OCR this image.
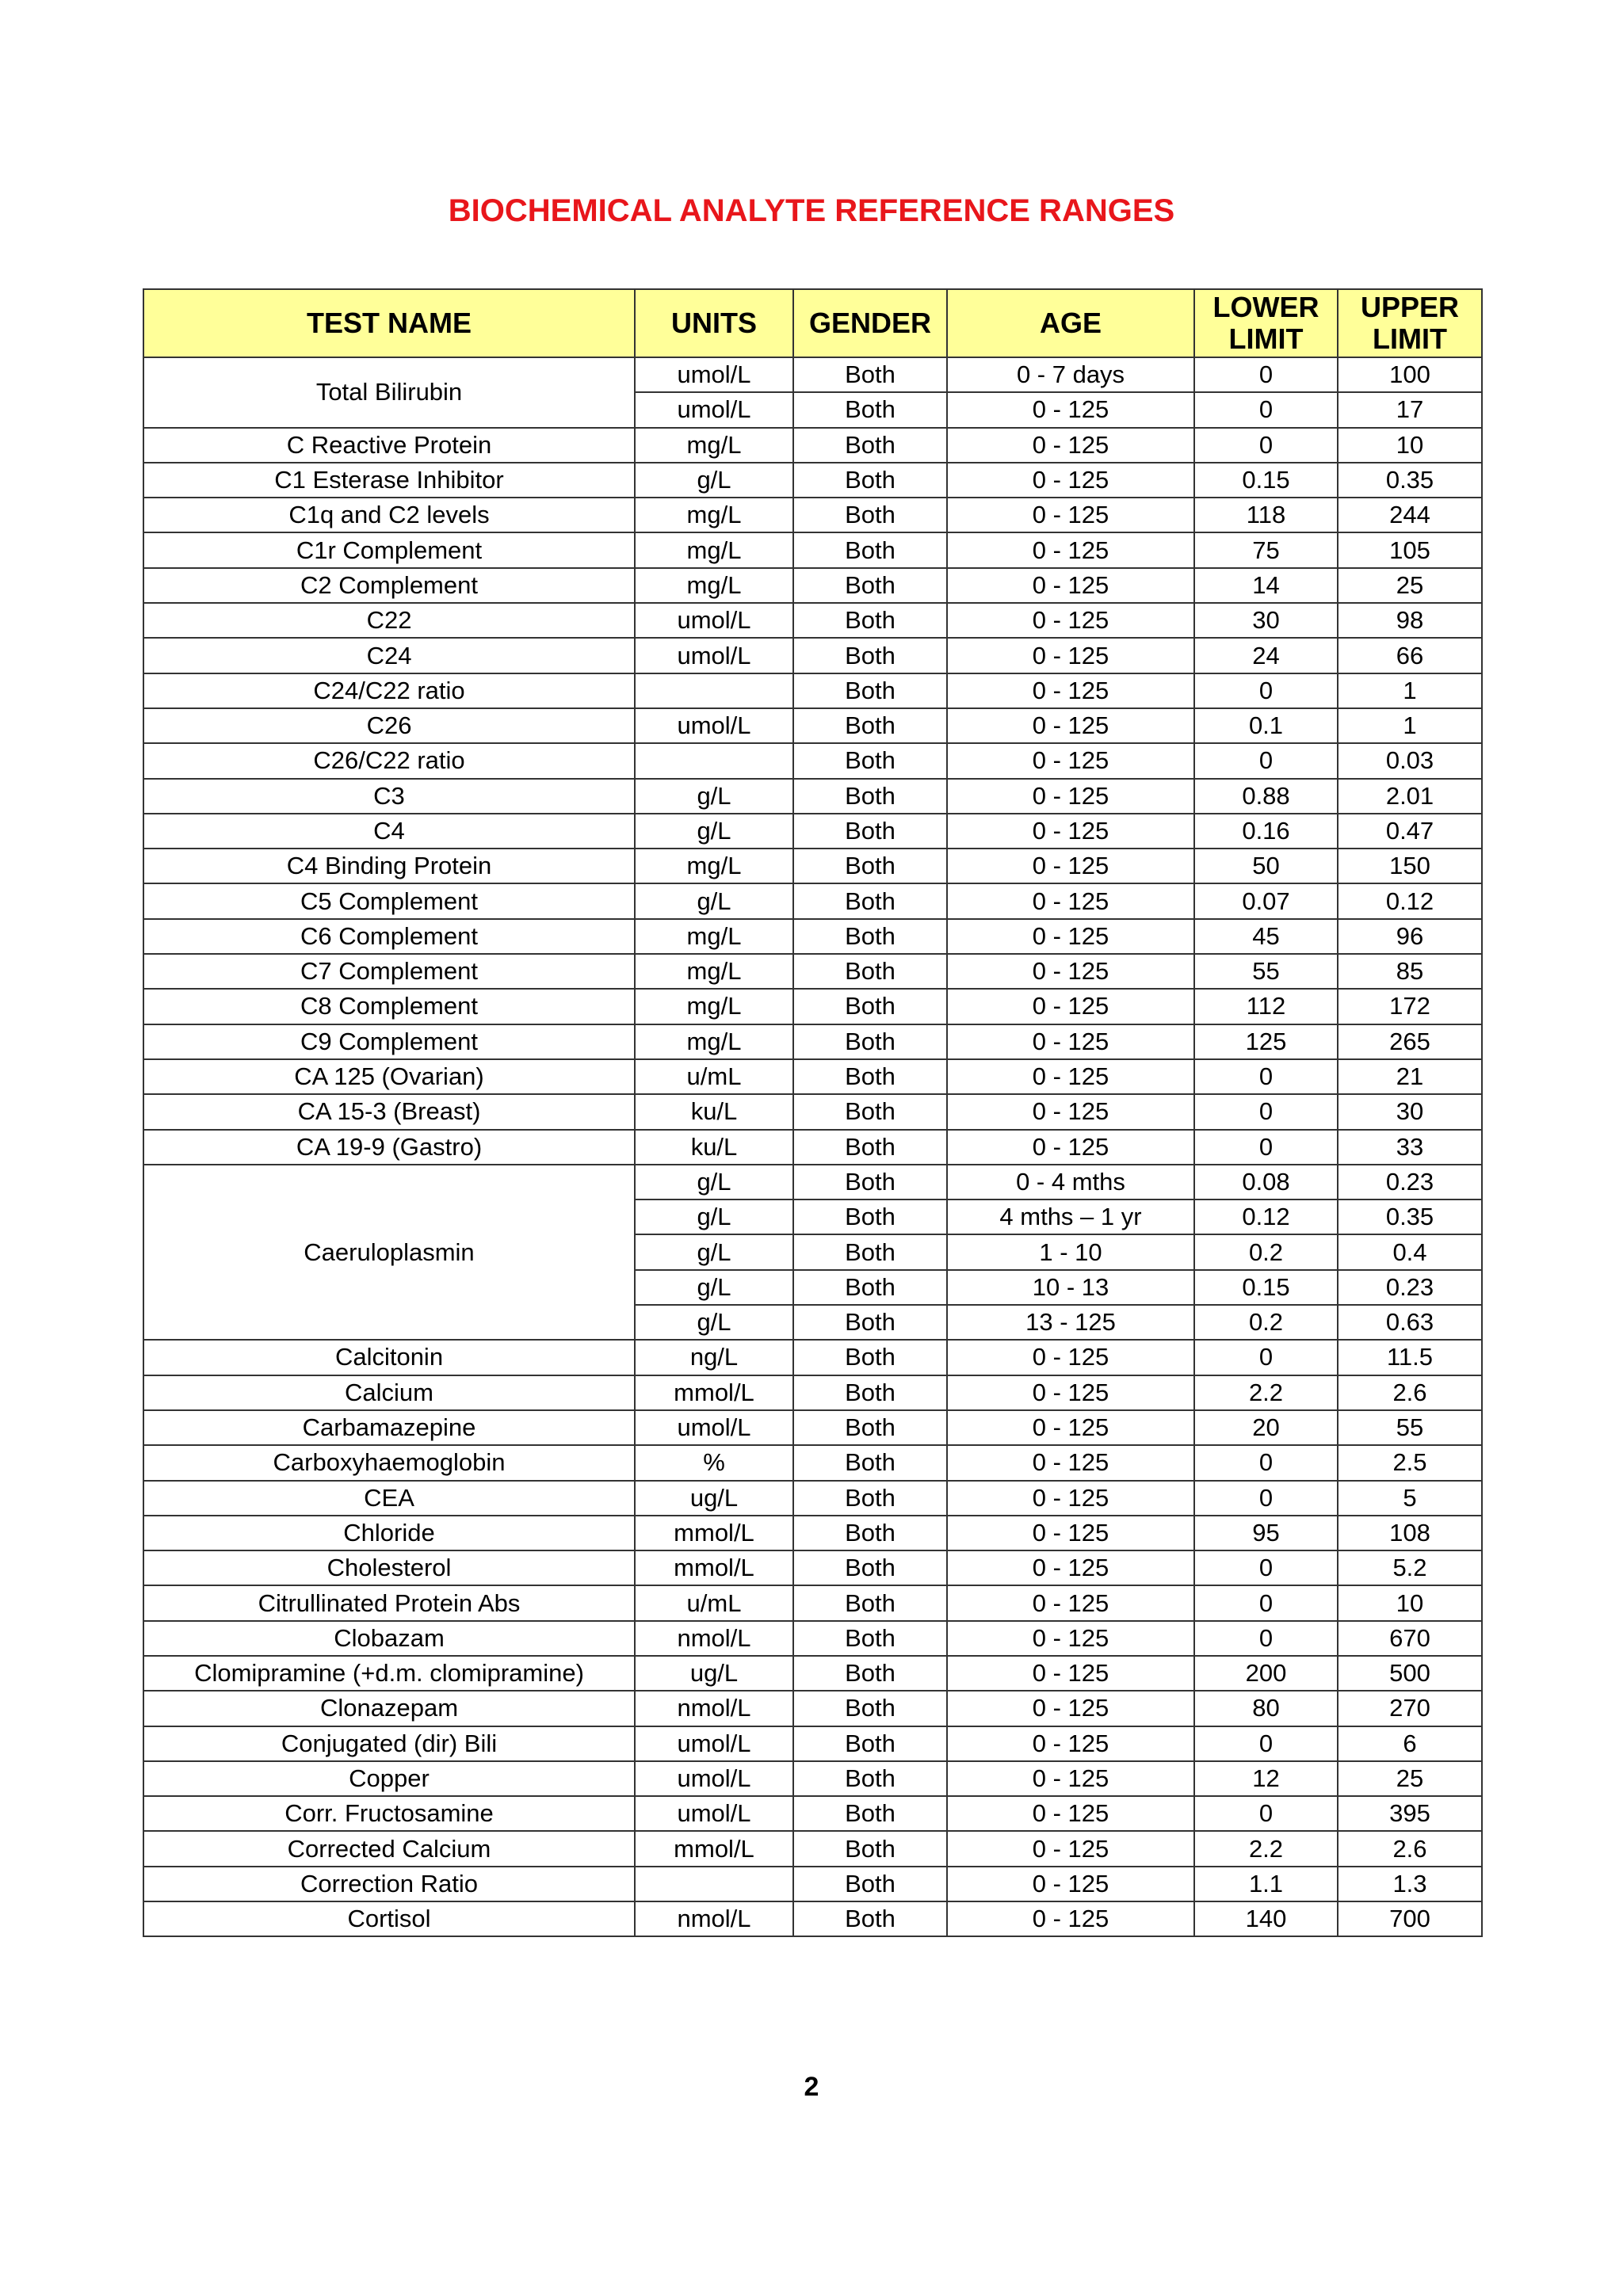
BIOCHEMICAL ANALYTE REFERENCE RANGES
TEST NAME	UNITS	GENDER	AGE	LOWER LIMIT	UPPER LIMIT
Total Bilirubin	umol/L	Both	0 - 7 days	0	100
	umol/L	Both	0 - 125	0	17
C Reactive Protein	mg/L	Both	0 - 125	0	10
C1 Esterase Inhibitor	g/L	Both	0 - 125	0.15	0.35
C1q and C2 levels	mg/L	Both	0 - 125	118	244
C1r Complement	mg/L	Both	0 - 125	75	105
C2 Complement	mg/L	Both	0 - 125	14	25
C22	umol/L	Both	0 - 125	30	98
C24	umol/L	Both	0 - 125	24	66
C24/C22 ratio		Both	0 - 125	0	1
C26	umol/L	Both	0 - 125	0.1	1
C26/C22 ratio		Both	0 - 125	0	0.03
C3	g/L	Both	0 - 125	0.88	2.01
C4	g/L	Both	0 - 125	0.16	0.47
C4 Binding Protein	mg/L	Both	0 - 125	50	150
C5 Complement	g/L	Both	0 - 125	0.07	0.12
C6 Complement	mg/L	Both	0 - 125	45	96
C7 Complement	mg/L	Both	0 - 125	55	85
C8 Complement	mg/L	Both	0 - 125	112	172
C9 Complement	mg/L	Both	0 - 125	125	265
CA 125 (Ovarian)	u/mL	Both	0 - 125	0	21
CA 15-3 (Breast)	ku/L	Both	0 - 125	0	30
CA 19-9 (Gastro)	ku/L	Both	0 - 125	0	33
Caeruloplasmin	g/L	Both	0 - 4 mths	0.08	0.23
	g/L	Both	4 mths – 1 yr	0.12	0.35
	g/L	Both	1 - 10	0.2	0.4
	g/L	Both	10 - 13	0.15	0.23
	g/L	Both	13 - 125	0.2	0.63
Calcitonin	ng/L	Both	0 - 125	0	11.5
Calcium	mmol/L	Both	0 - 125	2.2	2.6
Carbamazepine	umol/L	Both	0 - 125	20	55
Carboxyhaemoglobin	%	Both	0 - 125	0	2.5
CEA	ug/L	Both	0 - 125	0	5
Chloride	mmol/L	Both	0 - 125	95	108
Cholesterol	mmol/L	Both	0 - 125	0	5.2
Citrullinated Protein Abs	u/mL	Both	0 - 125	0	10
Clobazam	nmol/L	Both	0 - 125	0	670
Clomipramine (+d.m. clomipramine)	ug/L	Both	0 - 125	200	500
Clonazepam	nmol/L	Both	0 - 125	80	270
Conjugated (dir) Bili	umol/L	Both	0 - 125	0	6
Copper	umol/L	Both	0 - 125	12	25
Corr. Fructosamine	umol/L	Both	0 - 125	0	395
Corrected Calcium	mmol/L	Both	0 - 125	2.2	2.6
Correction Ratio		Both	0 - 125	1.1	1.3
Cortisol	nmol/L	Both	0 - 125	140	700
2
